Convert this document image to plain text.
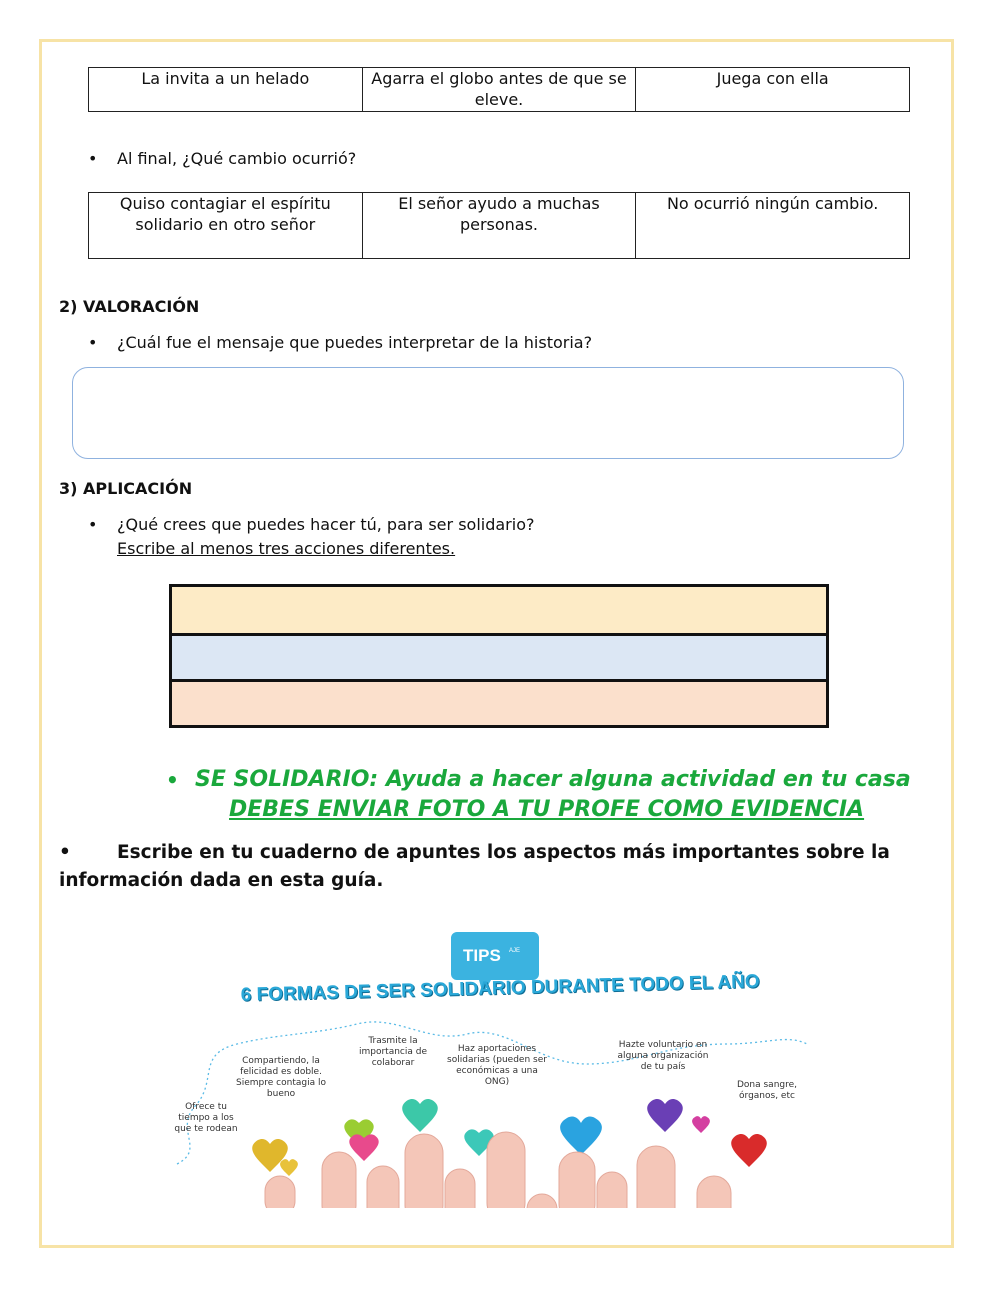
La invita a un helado	Agarra el globo antes de que se eleve.	Juega con ella
• Al final, ¿Qué cambio ocurrió?
Quiso contagiar el espíritu solidario en otro señor	El señor ayudo a muchas personas.	No ocurrió ningún cambio.
2) VALORACIÓN
• ¿Cuál fue el mensaje que puedes interpretar de la historia?
3) APLICACIÓN
• ¿Qué crees que puedes hacer tú, para ser solidario?
Escribe al menos tres acciones diferentes.
• SE SOLIDARIO: Ayuda a hacer alguna actividad en tu casa
DEBES ENVIAR FOTO A TU PROFE COMO EVIDENCIA
• Escribe en tu cuaderno de apuntes los aspectos más importantes sobre la información dada en esta guía.
TIPS AJE
6 FORMAS DE SER SOLIDARIO DURANTE TODO EL AÑO
Ofrece tu tiempo a los que te rodean
Compartiendo, la felicidad es doble. Siempre contagia lo bueno
Trasmite la importancia de colaborar
Haz aportaciones solidarias (pueden ser económicas a una ONG)
Hazte voluntario en alguna organización de tu país
Dona sangre, órganos, etc
